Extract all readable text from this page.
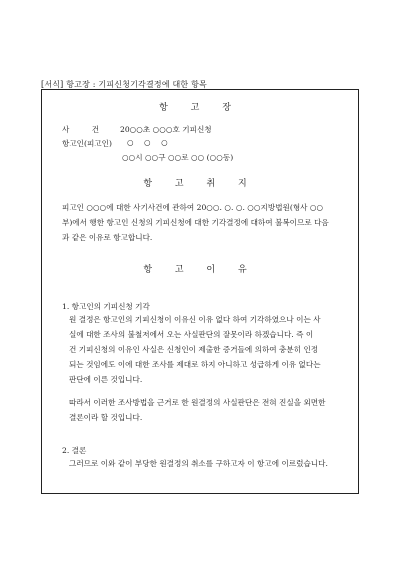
[서식] 항고장 : 기피신청기각결정에 대한 항목
항 고 장
사 건 20○○초 ○○○호 기피신청
항고인(피고인) ○ ○ ○
○○시 ○○구 ○○로 ○○ (○○동)
항 고 취 지
피고인 ○○○에 대한 사기사건에 관하여 20○○. ○. ○. ○○지방법원(형사 ○○
부)에서 행한 항고인 신청의 기피신청에 대한 기각결정에 대하여 불복이므로 다음
과 같은 이유로 항고합니다.
항 고 이 유
1. 항고인의 기피신청 기각
원 결정은 항고인의 기피신청이 이유신 이유 없다 하여 기각하였으나 이는 사
실에 대한 조사의 불철저에서 오는 사실판단의 잘못이라 하겠습니다. 즉 이
건 기피신청의 이유인 사실은 신청인이 제출한 증거들에 의하여 충분히 인정
되는 것임에도 이에 대한 조사를 제대로 하지 아니하고 성급하게 이유 없다는
판단에 이른 것입니다.
따라서 이러한 조사방법을 근거로 한 원결정의 사실판단은 전혀 진실을 외면한
결론이라 할 것입니다.
2. 결론
그러므로 이와 같이 부당한 원결정의 취소를 구하고자 이 항고에 이르렀습니다.
